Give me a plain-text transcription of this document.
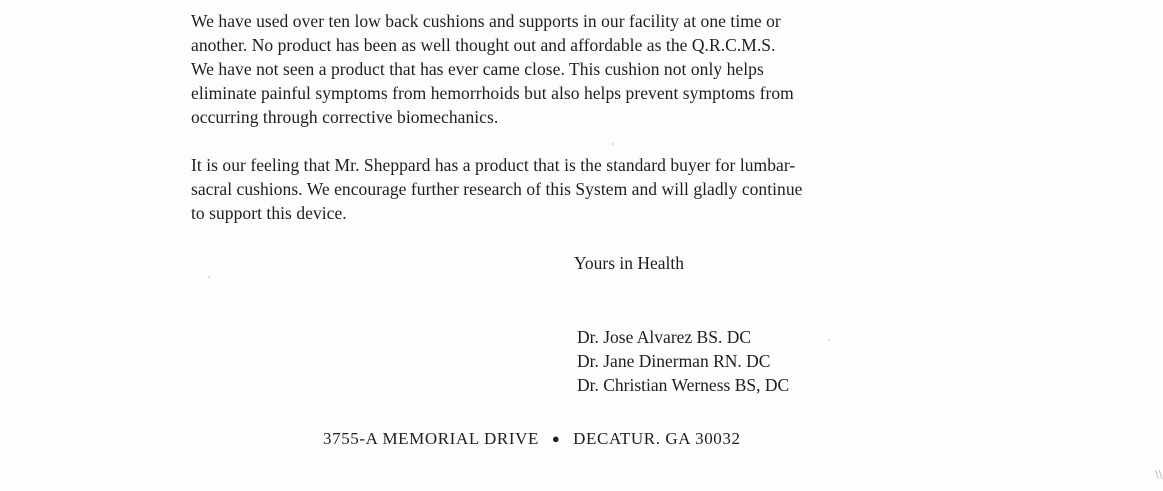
We have used over ten low back cushions and supports in our facility at one time or
another. No product has been as well thought out and affordable as the Q.R.C.M.S.
We have not seen a product that has ever came close. This cushion not only helps
eliminate painful symptoms from hemorrhoids but also helps prevent symptoms from
occurring through corrective biomechanics.

It is our feeling that Mr. Sheppard has a product that is the standard buyer for lumbar-
sacral cushions. We encourage further research of this System and will gladly continue
to support this device.

Yours in Health

Dr. Jose Alvarez BS. DC
Dr. Jane Dinerman RN. DC
Dr. Christian Werness BS, DC

3755-A MEMORIAL DRIVE ● DECATUR. GA 30032

\\
